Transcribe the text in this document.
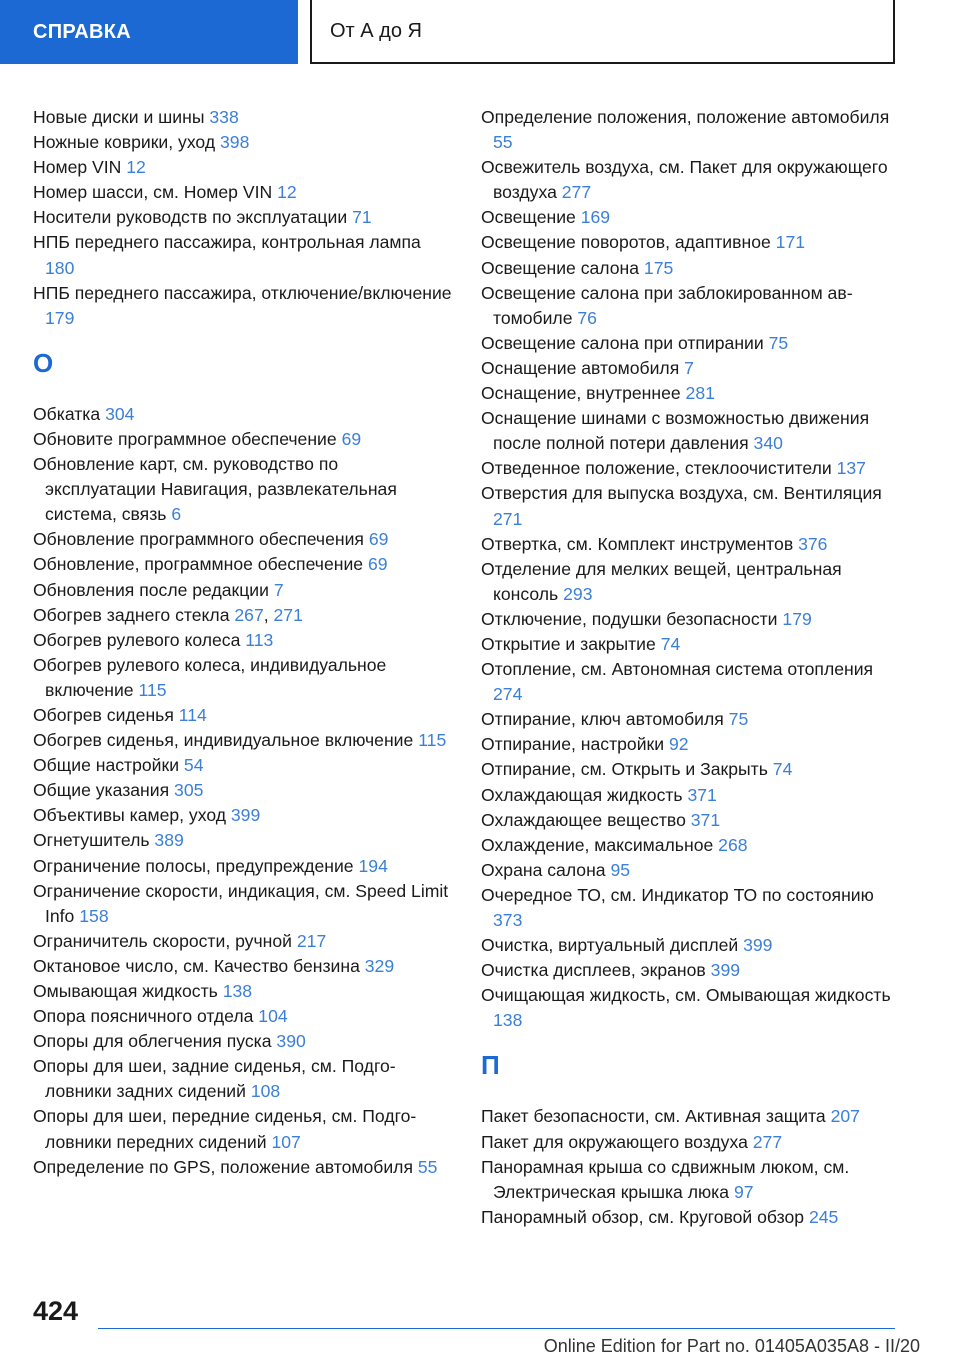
СПРАВКА	От А до Я
Новые диски и шины 338
Ножные коврики, уход 398
Номер VIN 12
Номер шасси, см. Номер VIN 12
Носители руководств по эксплуатации 71
НПБ переднего пассажира, контрольная лампа 180
НПБ переднего пассажира, отключение/включение 179
О
Обкатка 304
Обновите программное обеспечение 69
Обновление карт, см. руководство по эксплуатации Навигация, развлекательная система, связь 6
Обновление программного обеспечения 69
Обновление, программное обеспечение 69
Обновления после редакции 7
Обогрев заднего стекла 267, 271
Обогрев рулевого колеса 113
Обогрев рулевого колеса, индивидуальное включение 115
Обогрев сиденья 114
Обогрев сиденья, индивидуальное включение 115
Общие настройки 54
Общие указания 305
Объективы камер, уход 399
Огнетушитель 389
Ограничение полосы, предупреждение 194
Ограничение скорости, индикация, см. Speed Limit Info 158
Ограничитель скорости, ручной 217
Октановое число, см. Качество бензина 329
Омывающая жидкость 138
Опора поясничного отдела 104
Опоры для облегчения пуска 390
Опоры для шеи, задние сиденья, см. Подголовники задних сидений 108
Опоры для шеи, передние сиденья, см. Подголовники передних сидений 107
Определение по GPS, положение автомобиля 55
Определение положения, положение автомобиля 55
Освежитель воздуха, см. Пакет для окружающего воздуха 277
Освещение 169
Освещение поворотов, адаптивное 171
Освещение салона 175
Освещение салона при заблокированном автомобиле 76
Освещение салона при отпирании 75
Оснащение автомобиля 7
Оснащение, внутреннее 281
Оснащение шинами с возможностью движения после полной потери давления 340
Отведенное положение, стеклоочистители 137
Отверстия для выпуска воздуха, см. Вентиляция 271
Отвертка, см. Комплект инструментов 376
Отделение для мелких вещей, центральная консоль 293
Отключение, подушки безопасности 179
Открытие и закрытие 74
Отопление, см. Автономная система отопления 274
Отпирание, ключ автомобиля 75
Отпирание, настройки 92
Отпирание, см. Открыть и Закрыть 74
Охлаждающая жидкость 371
Охлаждающее вещество 371
Охлаждение, максимальное 268
Охрана салона 95
Очередное ТО, см. Индикатор ТО по состоянию 373
Очистка, виртуальный дисплей 399
Очистка дисплеев, экранов 399
Очищающая жидкость, см. Омывающая жидкость 138
П
Пакет безопасности, см. Активная защита 207
Пакет для окружающего воздуха 277
Панорамная крыша со сдвижным люком, см. Электрическая крышка люка 97
Панорамный обзор, см. Круговой обзор 245
424
Online Edition for Part no. 01405A035A8 - II/20
